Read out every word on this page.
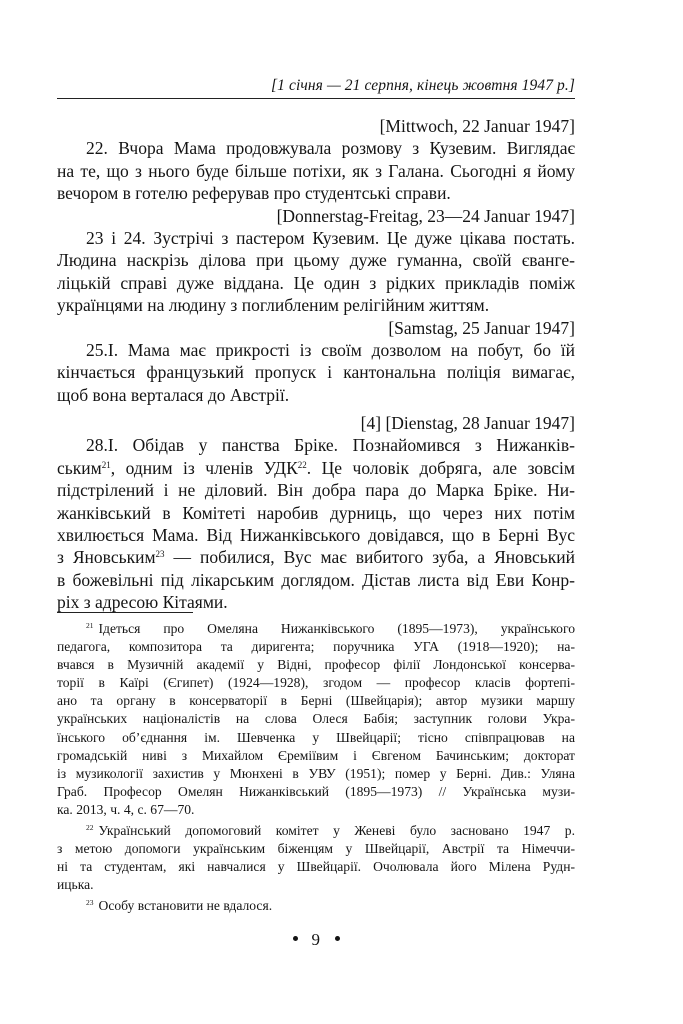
[1 січня — 21 серпня, кінець жовтня 1947 р.]
[Mittwoch, 22 Januar 1947]
22. Вчора Мама продовжувала розмову з Кузевим. Виглядає
на те, що з нього буде більше потіхи, як з Галана. Сьогодні я йому
вечором в готелю реферував про студентські справи.
[Donnerstag-Freitag, 23—24 Januar 1947]
23 і 24. Зустрічі з пастером Кузевим. Це дуже цікава постать.
Людина наскрізь ділова при цьому дуже гуманна, своїй єванге-
ліцькій справі дуже віддана. Це один з рідких прикладів поміж
українцями на людину з поглибленим релігійним життям.
[Samstag, 25 Januar 1947]
25.І. Мама має прикрості із своїм дозволом на побут, бо їй
кінчається французький пропуск і кантональна поліція вимагає,
щоб вона верталася до Австрії.
[4] [Dienstag, 28 Januar 1947]
28.І. Обідав у панства Бріке. Познайомився з Нижанків-
ським$^{21}$, одним із членів УДК$^{22}$. Це чоловік добряга, але зовсім
підстрілений і не діловий. Він добра пара до Марка Бріке. Ни-
жанківський в Комітеті наробив дурниць, що через них потім
хвилюється Мама. Від Нижанківського довідався, що в Берні Вус
з Яновським$^{23}$ — побилися, Вус має вибитого зуба, а Яновський
в божевільні під лікарським доглядом. Дістав листа від Еви Конр-
ріх з адресою Кітаями.
$^{21}$ Ідеться про Омеляна Нижанківського (1895—1973), українського
педагога, композитора та диригента; поручника УГА (1918—1920); на-
вчався в Музичній академії у Відні, професор філії Лондонської консерва-
торії в Каїрі (Єгипет) (1924—1928), згодом — професор класів фортепі-
ано та органу в консерваторії в Берні (Швейцарія); автор музики маршу
українських націоналістів на слова Олеся Бабія; заступник голови Укра-
їнського об’єднання ім. Шевченка у Швейцарії; тісно співпрацював на
громадській ниві з Михайлом Єреміївим і Євгеном Бачинським; докторат
із музикології захистив у Мюнхені в УВУ (1951); помер у Берні. Див.: Уляна
Граб. Професор Омелян Нижанківський (1895—1973) // Українська музи-
ка. 2013, ч. 4, с. 67—70.
$^{22}$ Український допомоговий комітет у Женеві було засновано 1947 р.
з метою допомоги українським біженцям у Швейцарії, Австрії та Німеччи-
ні та студентам, які навчалися у Швейцарії. Очолювала його Мілена Рудн-
ицька.
$^{23}$ Особу встановити не вдалося.
9
